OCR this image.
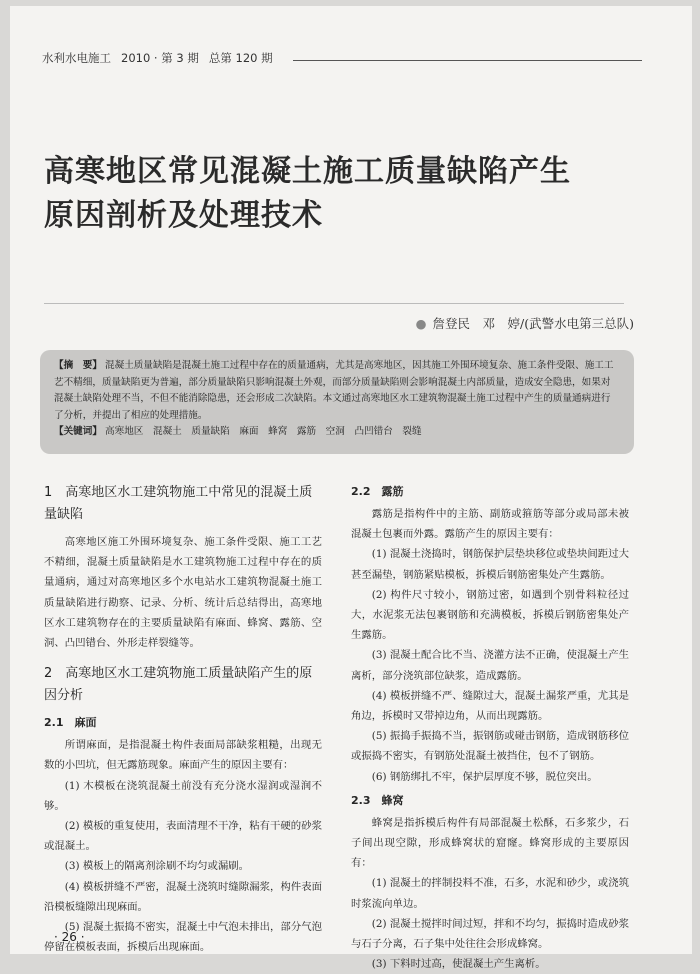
水利水电施工 2010 · 第 3 期 总第 120 期
高寒地区常见混凝土施工质量缺陷产生
原因剖析及处理技术
● 詹登民　邓　婷/(武警水电第三总队)
【摘　要】 混凝土质量缺陷是混凝土施工过程中存在的质量通病，尤其是高寒地区，因其施工外围环境复杂、施工条件受限、施工工艺不精细，质量缺陷更为普遍，部分质量缺陷只影响混凝土外观，而部分质量缺陷则会影响混凝土内部质量，造成安全隐患，如果对混凝土缺陷处理不当，不但不能消除隐患，还会形成二次缺陷。本文通过高寒地区水工建筑物混凝土施工过程中产生的质量通病进行了分析，并提出了相应的处理措施。
【关键词】 高寒地区　混凝土　质量缺陷　麻面　蜂窝　露筋　空洞　凸凹错台　裂缝
1　高寒地区水工建筑物施工中常见的混凝土质量缺陷

高寒地区施工外围环境复杂、施工条件受限、施工工艺不精细，混凝土质量缺陷是水工建筑物施工过程中存在的质量通病，通过对高寒地区多个水电站水工建筑物混凝土施工质量缺陷进行勘察、记录、分析、统计后总结得出，高寒地区水工建筑物存在的主要质量缺陷有麻面、蜂窝、露筋、空洞、凸凹错台、外形走样裂缝等。

2　高寒地区水工建筑物施工质量缺陷产生的原因分析
2.1　麻面

所谓麻面，是指混凝土构件表面局部缺浆粗糙，出现无数的小凹坑，但无露筋现象。麻面产生的原因主要有：

(1) 木模板在浇筑混凝土前没有充分浇水湿润或湿润不够。

(2) 模板的重复使用，表面清理不干净，粘有干硬的砂浆或混凝土。

(3) 模板上的隔离剂涂刷不均匀或漏刷。

(4) 模板拼缝不严密，混凝土浇筑时缝隙漏浆，构件表面沿模板缝隙出现麻面。

(5) 混凝土振捣不密实，混凝土中气泡未排出，部分气泡停留在模板表面，拆模后出现麻面。

2.2　露筋

露筋是指构件中的主筋、副筋或箍筋等部分或局部未被混凝土包裹而外露。露筋产生的原因主要有：

(1) 混凝土浇捣时，钢筋保护层垫块移位或垫块间距过大甚至漏垫，钢筋紧贴模板，拆模后钢筋密集处产生露筋。

(2) 构件尺寸较小，钢筋过密，如遇到个别骨料粒径过大，水泥浆无法包裹钢筋和充满模板，拆模后钢筋密集处产生露筋。

(3) 混凝土配合比不当、浇灌方法不正确，使混凝土产生离析，部分浇筑部位缺浆，造成露筋。

(4) 模板拼缝不严、缝隙过大，混凝土漏浆严重，尤其是角边，拆模时又带掉边角，从而出现露筋。

(5) 振捣手振捣不当，振钢筋或碰击钢筋，造成钢筋移位或振捣不密实，有钢筋处混凝土被挡住，包不了钢筋。

(6) 钢筋绑扎不牢，保护层厚度不够，脱位突出。

2.3　蜂窝

蜂窝是指拆模后构件有局部混凝土松酥，石多浆少，石子间出现空隙，形成蜂窝状的窟窿。蜂窝形成的主要原因有：

(1) 混凝土的拌制投料不准，石多，水泥和砂少，或浇筑时浆流向单边。

(2) 混凝土搅拌时间过短，拌和不均匀，振捣时造成砂浆与石子分离，石子集中处往往会形成蜂窝。

(3) 下料时过高，使混凝土产生离析。

· 26 ·
